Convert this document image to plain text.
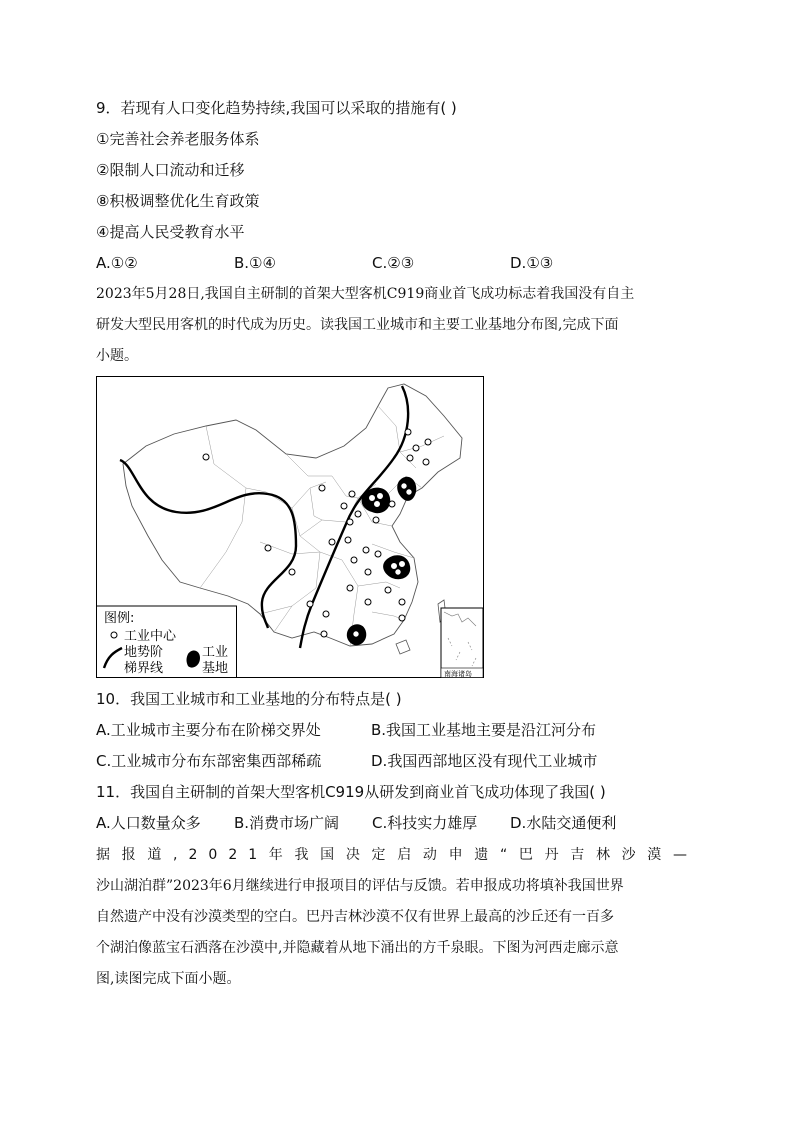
9．若现有人口变化趋势持续,我国可以采取的措施有( )
①完善社会养老服务体系
②限制人口流动和迁移
⑧积极调整优化生育政策
④提高人民受教育水平
A.①②	B.①④	C.②③	D.①③
2023年5月28日,我国自主研制的首架大型客机C919商业首飞成功标志着我国没有自主
研发大型民用客机的时代成为历史。读我国工业城市和主要工业基地分布图,完成下面
小题。
图例:
工业中心
地势阶
梯界线
工业
基地	南海诸岛
10．我国工业城市和工业基地的分布特点是( )
A.工业城市主要分布在阶梯交界处	B.我国工业基地主要是沿江河分布
C.工业城市分布东部密集西部稀疏	D.我国西部地区没有现代工业城市
11．我国自主研制的首架大型客机C919从研发到商业首飞成功体现了我国( )
A.人口数量众多 B.消费市场广阔 C.科技实力雄厚 D.水陆交通便利
据报道,2021年我国决定启动申遗“巴丹吉林沙漠—
沙山湖泊群”2023年6月继续进行申报项目的评估与反馈。若申报成功将填补我国世界
自然遗产中没有沙漠类型的空白。巴丹吉林沙漠不仅有世界上最高的沙丘还有一百多
个湖泊像蓝宝石洒落在沙漠中,并隐藏着从地下涌出的方千泉眼。下图为河西走廊示意
图,读图完成下面小题。
